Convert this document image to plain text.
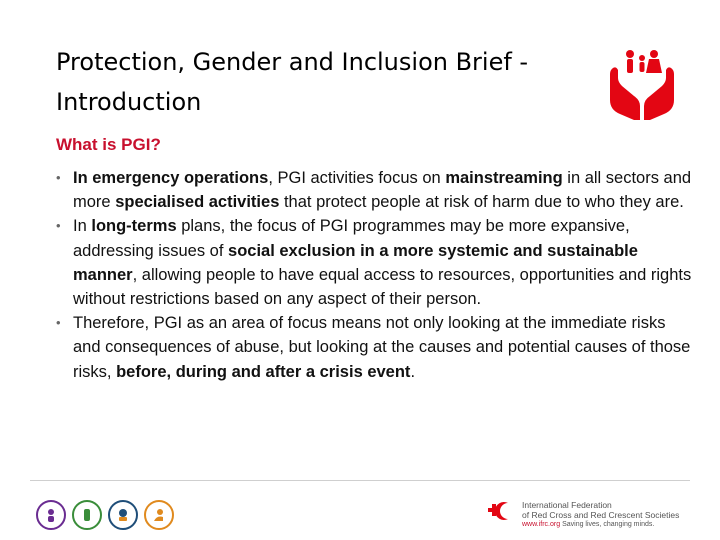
Protection, Gender and Inclusion Brief -
Introduction
What is PGI?
• In emergency operations, PGI activities focus on mainstreaming in all sectors and more specialised activities that protect people at risk of harm due to who they are.
• In long-terms plans, the focus of PGI programmes may be more expansive, addressing issues of social exclusion in a more systemic and sustainable manner, allowing people to have equal access to resources, opportunities and rights without restrictions based on any aspect of their person.
• Therefore, PGI as an area of focus means not only looking at the immediate risks and consequences of abuse, but looking at the causes and potential causes of those risks, before, during and after a crisis event.
International Federation
of Red Cross and Red Crescent Societies
www.ifrc.org Saving lives, changing minds.
